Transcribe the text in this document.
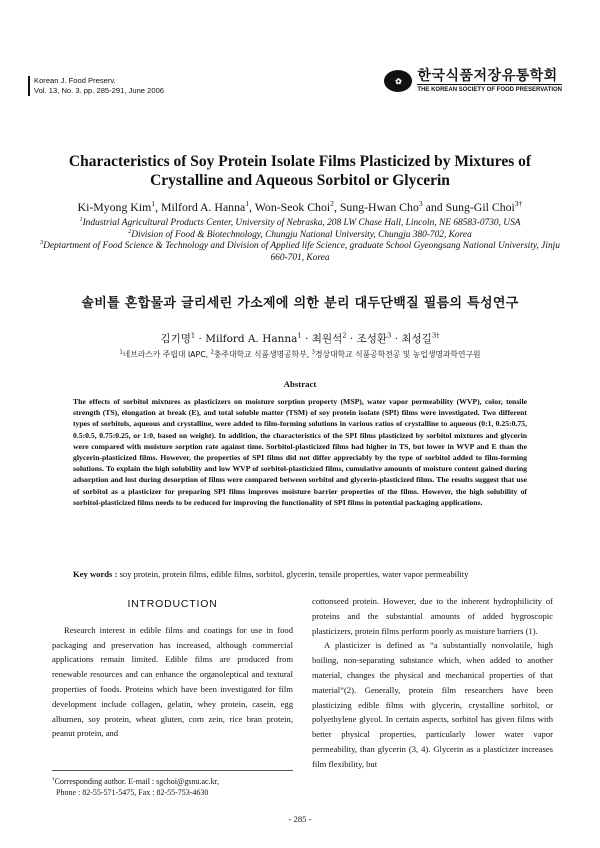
Korean J. Food Preserv.
Vol. 13, No. 3. pp. 285-291, June 2006
✿	한국식품저장유통학회
THE KOREAN SOCIETY OF FOOD PRESERVATION
Characteristics of Soy Protein Isolate Films Plasticized by Mixtures of Crystalline and Aqueous Sorbitol or Glycerin
Ki-Myong Kim$^1$, Milford A. Hanna$^1$, Won-Seok Choi$^2$, Sung-Hwan Cho$^3$ and Sung-Gil Choi$^{3\dagger}$
$^1$Industrial Agricultural Products Center, University of Nebraska, 208 LW Chase Hall, Lincoln, NE 68583-0730, USA
$^2$Division of Food & Biotechnology, Chungju National University, Chungju 380-702, Korea
$^3$Deptartment of Food Science & Technology and Division of Applied life Science, graduate School Gyeongsang National University, Jinju 660-701, Korea
솔비톨 혼합물과 글리세린 가소제에 의한 분리 대두단백질 필름의 특성연구
김기명$^1$ · Milford A. Hanna$^1$ · 최원석$^2$ · 조성환$^3$ · 최성길$^{3\dagger}$
$^1$네브라스카 주립대 IAPC, $^2$충주대학교 식품생명공학부, $^3$경상대학교 식품공학전공 및 농업생명과학연구원
Abstract
The effects of sorbitol mixtures as plasticizers on moisture sorption property (MSP), water vapor permeability (WVP), color, tensile strength (TS), elongation at break (E), and total soluble matter (TSM) of soy protein isolate (SPI) films were investigated. Two different types of sorbitols, aqueous and crystalline, were added to film-forming solutions in various ratios of crystalline to aqueous (0:1, 0.25:0.75, 0.5:0.5, 0.75:0.25, or 1:0, based on weight). In addition, the characteristics of the SPI films plasticized by sorbitol mixtures and glycerin were compared with moisture sorption rate against time. Sorbitol-plasticized films had higher in TS, but lower in WVP and E than the glycerin-plasticized films. However, the properties of SPI films did not differ appreciably by the type of sorbitol added to film-forming solutions. To explain the high solubility and low WVP of sorbitol-plasticized films, cumulative amounts of moisture content gained during adsorption and lost during desorption of films were compared between sorbitol and glycerin-plasticized films. The results suggest that use of sorbitol as a plasticizer for preparing SPI films improves moisture barrier properties of the films. However, the high solubility of sorbitol-plasticized films needs to be reduced for improving the functionality of SPI films in potential packaging applications.
Key words : soy protein, protein films, edible films, sorbitol, glycerin, tensile properties, water vapor permeability
INTRODUCTION

Research interest in edible films and coatings for use in food packaging and preservation has increased, although commercial applications remain limited. Edible films are produced from renewable resources and can enhance the organoleptical and textural properties of foods. Proteins which have been investigated for film development include collagen, gelatin, whey protein, casein, egg albumen, soy protein, wheat gluten, corn zein, rice bran protein, peanut protein, and

cottonseed protein. However, due to the inherent hydrophilicity of proteins and the substantial amounts of added hygroscopic plasticizers, protein films perform poorly as moisture barriers (1).

A plasticizer is defined as “a substantially nonvolatile, high boiling, non-separating substance which, when added to another material, changes the physical and mechanical properties of that material”(2). Generally, protein film researchers have been plasticizing edible films with glycerin, crystalline sorbitol, or polyethylene glycol. In certain aspects, sorbitol has given films with better physical properties, particularly lower water vapor permeability, than glycerin (3, 4). Glycerin as a plasticizer increases film flexibility, but

†Corresponding author. E-mail : sgchoi@gsnu.ac.kr,
Phone : 82-55-571-5475, Fax : 82-55-753-4630
- 285 -
